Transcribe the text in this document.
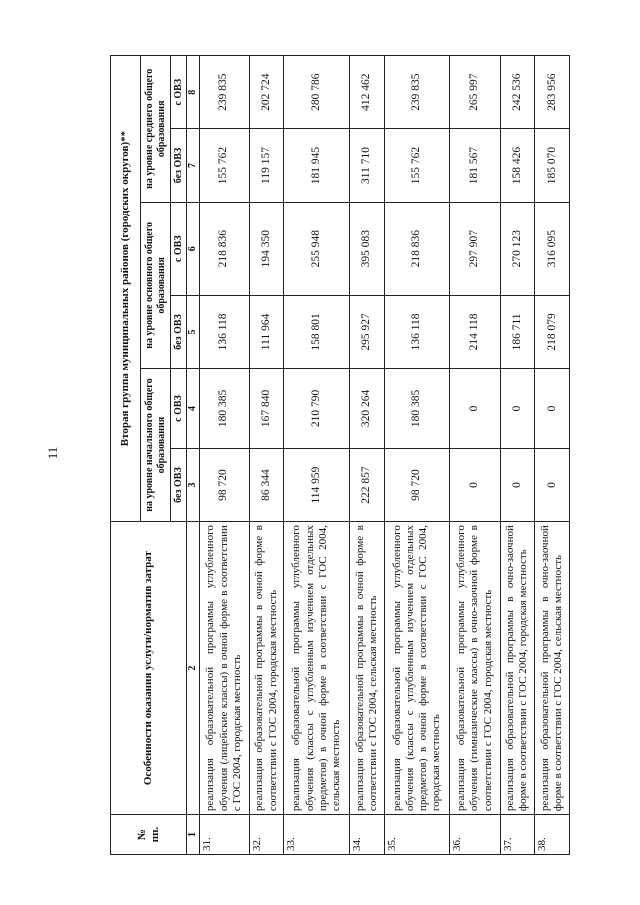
11
№
пп.	Особенности оказания услуги/норматив затрат	Вторая группа муниципальных районов (городских округов)**					
		на уровне начального общего образования		на уровне основного общего образования		на уровне среднего общего образования	
		без ОВЗ	с ОВЗ	без ОВЗ	с ОВЗ	без ОВЗ	с ОВЗ
1	2	3	4	5	6	7	8
31.	реализация образовательной программы углубленного обучения (лицейские классы) в очной форме в соответствии с ГОС 2004, городская местность	98 720	180 385	136 118	218 836	155 762	239 835
32.	реализация образовательной программы в очной форме в соответствии с ГОС 2004, городская местность	86 344	167 840	111 964	194 350	119 157	202 724
33.	реализация образовательной программы углубленного обучения (классы с углубленным изучением отдельных предметов) в очной форме в соответствии с ГОС 2004, сельская местность	114 959	210 790	158 801	255 948	181 945	280 786
34.	реализация образовательной программы в очной форме в соответствии с ГОС 2004, сельская местность	222 857	320 264	295 927	395 083	311 710	412 462
35.	реализация образовательной программы углубленного обучения (классы с углубленным изучением отдельных предметов) в очной форме в соответствии с ГОС 2004, городская местность	98 720	180 385	136 118	218 836	155 762	239 835
36.	реализация образовательной программы углубленного обучения (гимназические классы) в очно-заочной форме в соответствии с ГОС 2004, городская местность	0	0	214 118	297 907	181 567	265 997
37.	реализация образовательной программы в очно-заочной форме в соответствии с ГОС 2004, городская местность	0	0	186 711	270 123	158 426	242 536
38.	реализация образовательной программы в очно-заочной форме в соответствии с ГОС 2004, сельская местность	0	0	218 079	316 095	185 070	283 956
